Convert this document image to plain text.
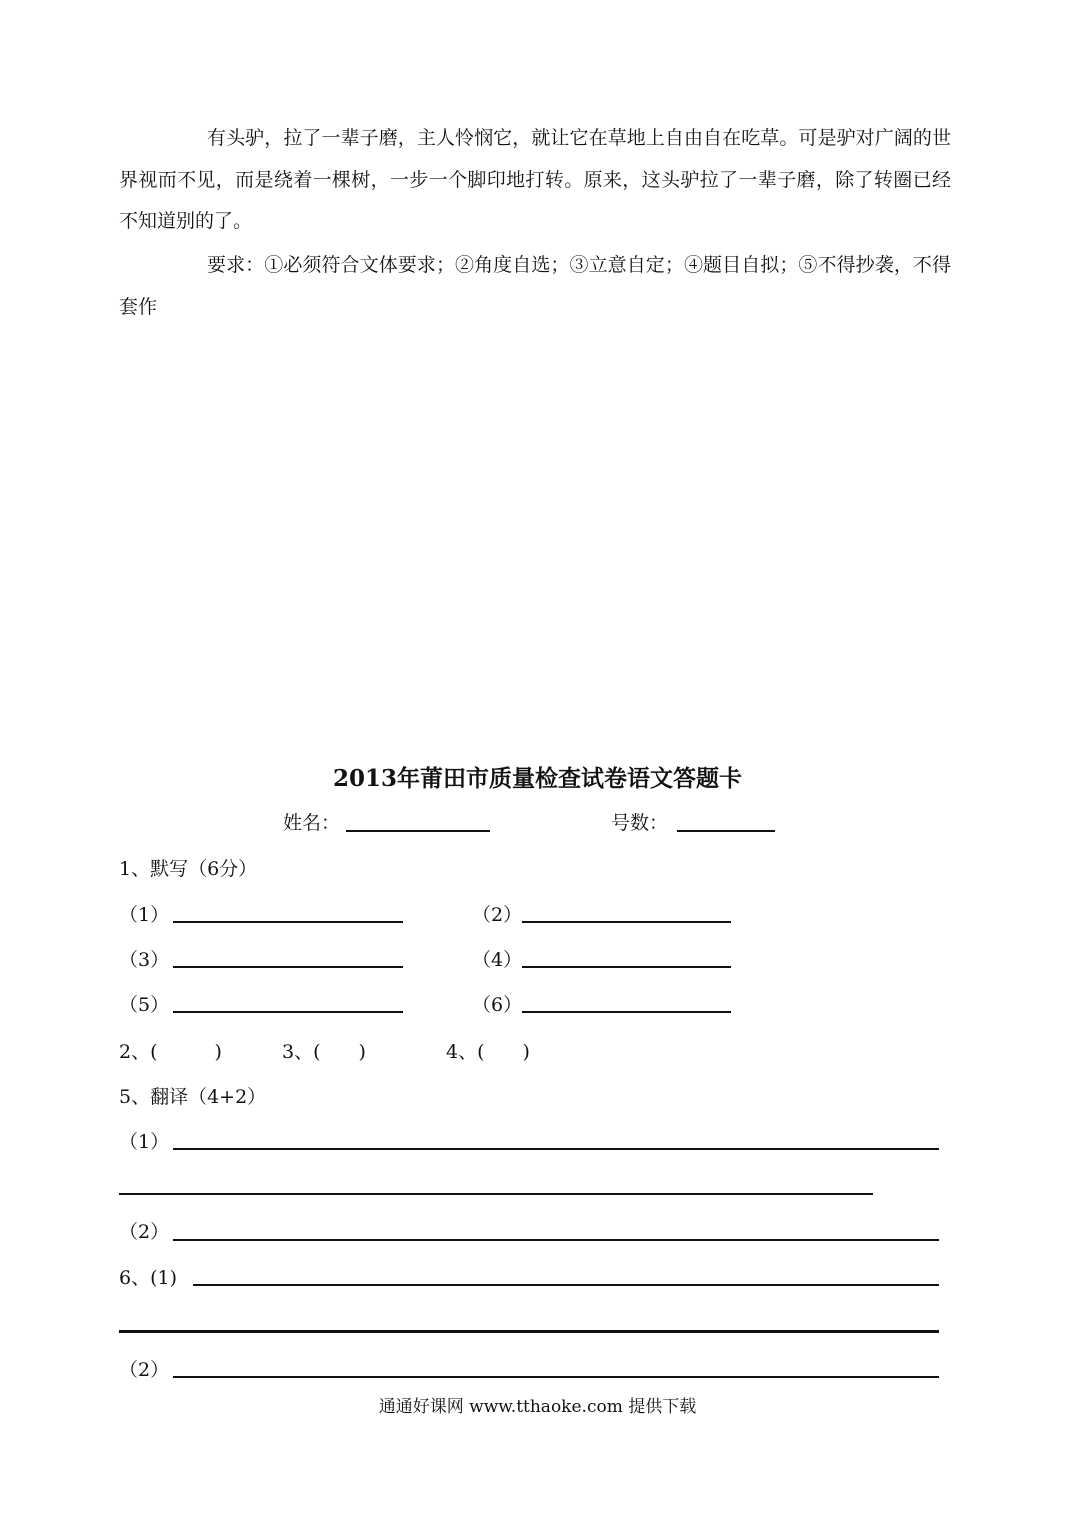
有头驴，拉了一辈子磨，主人怜悯它，就让它在草地上自由自在吃草。可是驴对广阔的世界视而不见，而是绕着一棵树，一步一个脚印地打转。原来，这头驴拉了一辈子磨，除了转圈已经不知道别的了。
要求：①必须符合文体要求；②角度自选；③立意自定；④题目自拟；⑤不得抄袭，不得套作
2013年莆田市质量检查试卷语文答题卡
姓名：	号数：
1、默写（6分）
（1）	（2）
（3）	（4）
（5）	（6）
2、(　　　)	3、(　　)	4、(　　)
5、翻译（4+2）
（1）
（2）
6、(1)
（2）
通通好课网 www.tthaoke.com 提供下载
